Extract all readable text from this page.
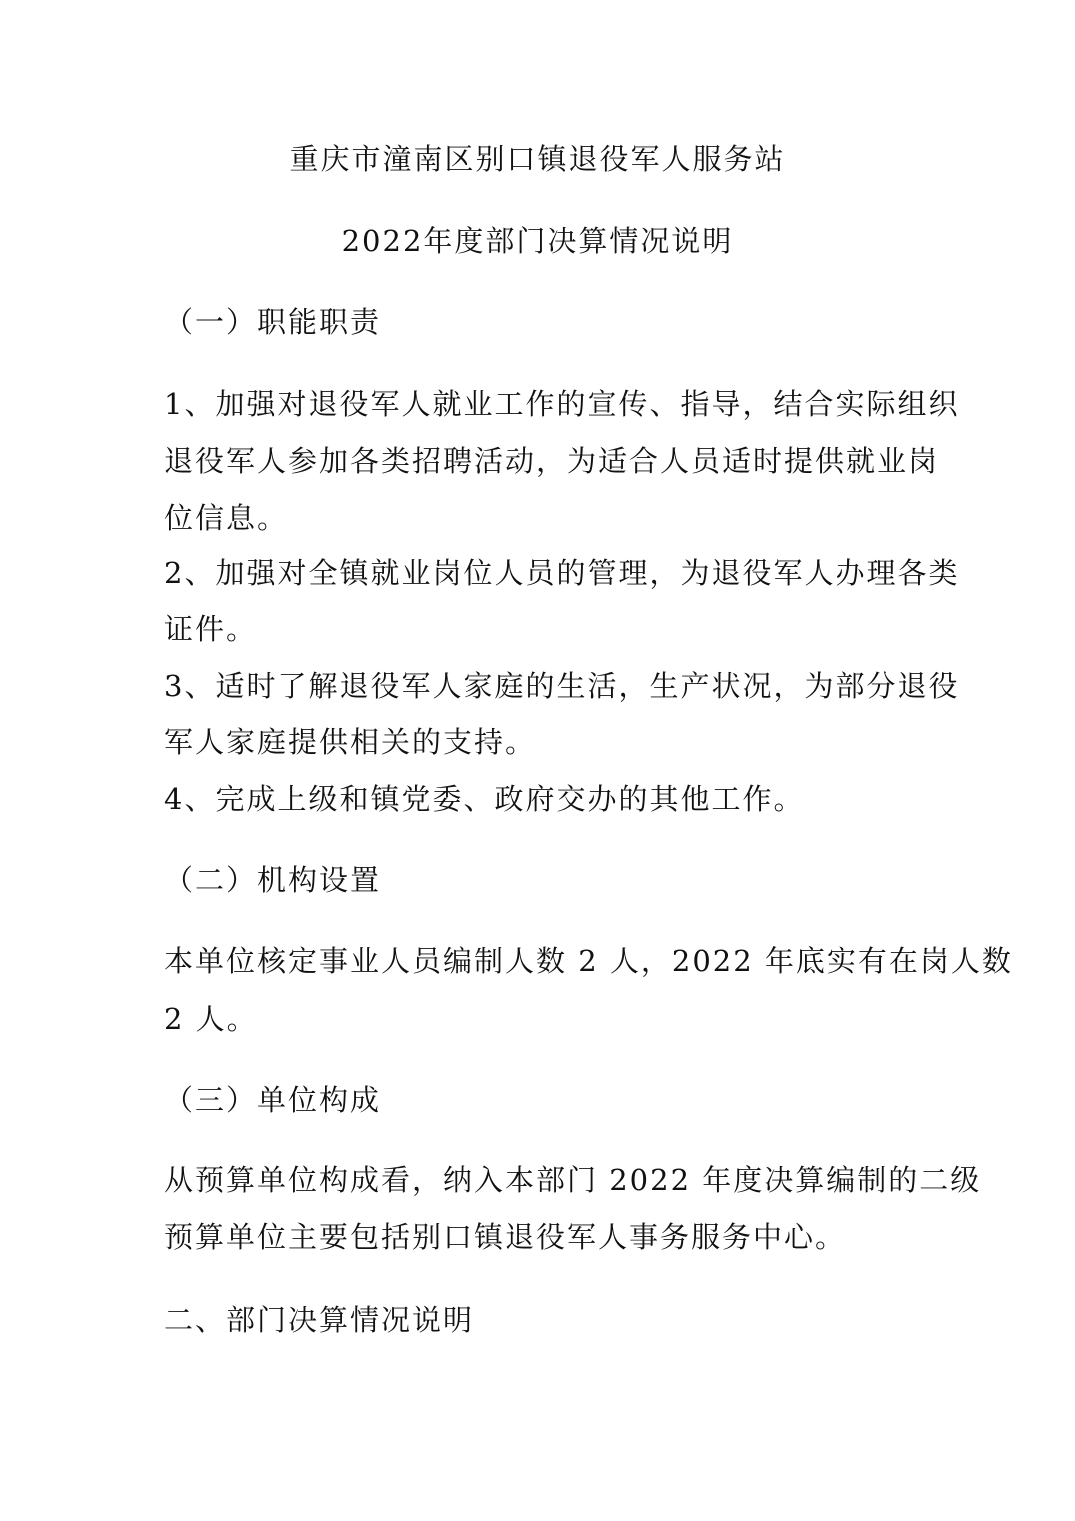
重庆市潼南区别口镇退役军人服务站
2022年度部门决算情况说明
（一）职能职责
1、加强对退役军人就业工作的宣传、指导，结合实际组织
退役军人参加各类招聘活动，为适合人员适时提供就业岗
位信息。
2、加强对全镇就业岗位人员的管理，为退役军人办理各类
证件。
3、适时了解退役军人家庭的生活，生产状况，为部分退役
军人家庭提供相关的支持。
4、完成上级和镇党委、政府交办的其他工作。
（二）机构设置
本单位核定事业人员编制人数 2 人，2022 年底实有在岗人数
2 人。
（三）单位构成
从预算单位构成看，纳入本部门 2022 年度决算编制的二级
预算单位主要包括别口镇退役军人事务服务中心。
二、部门决算情况说明
